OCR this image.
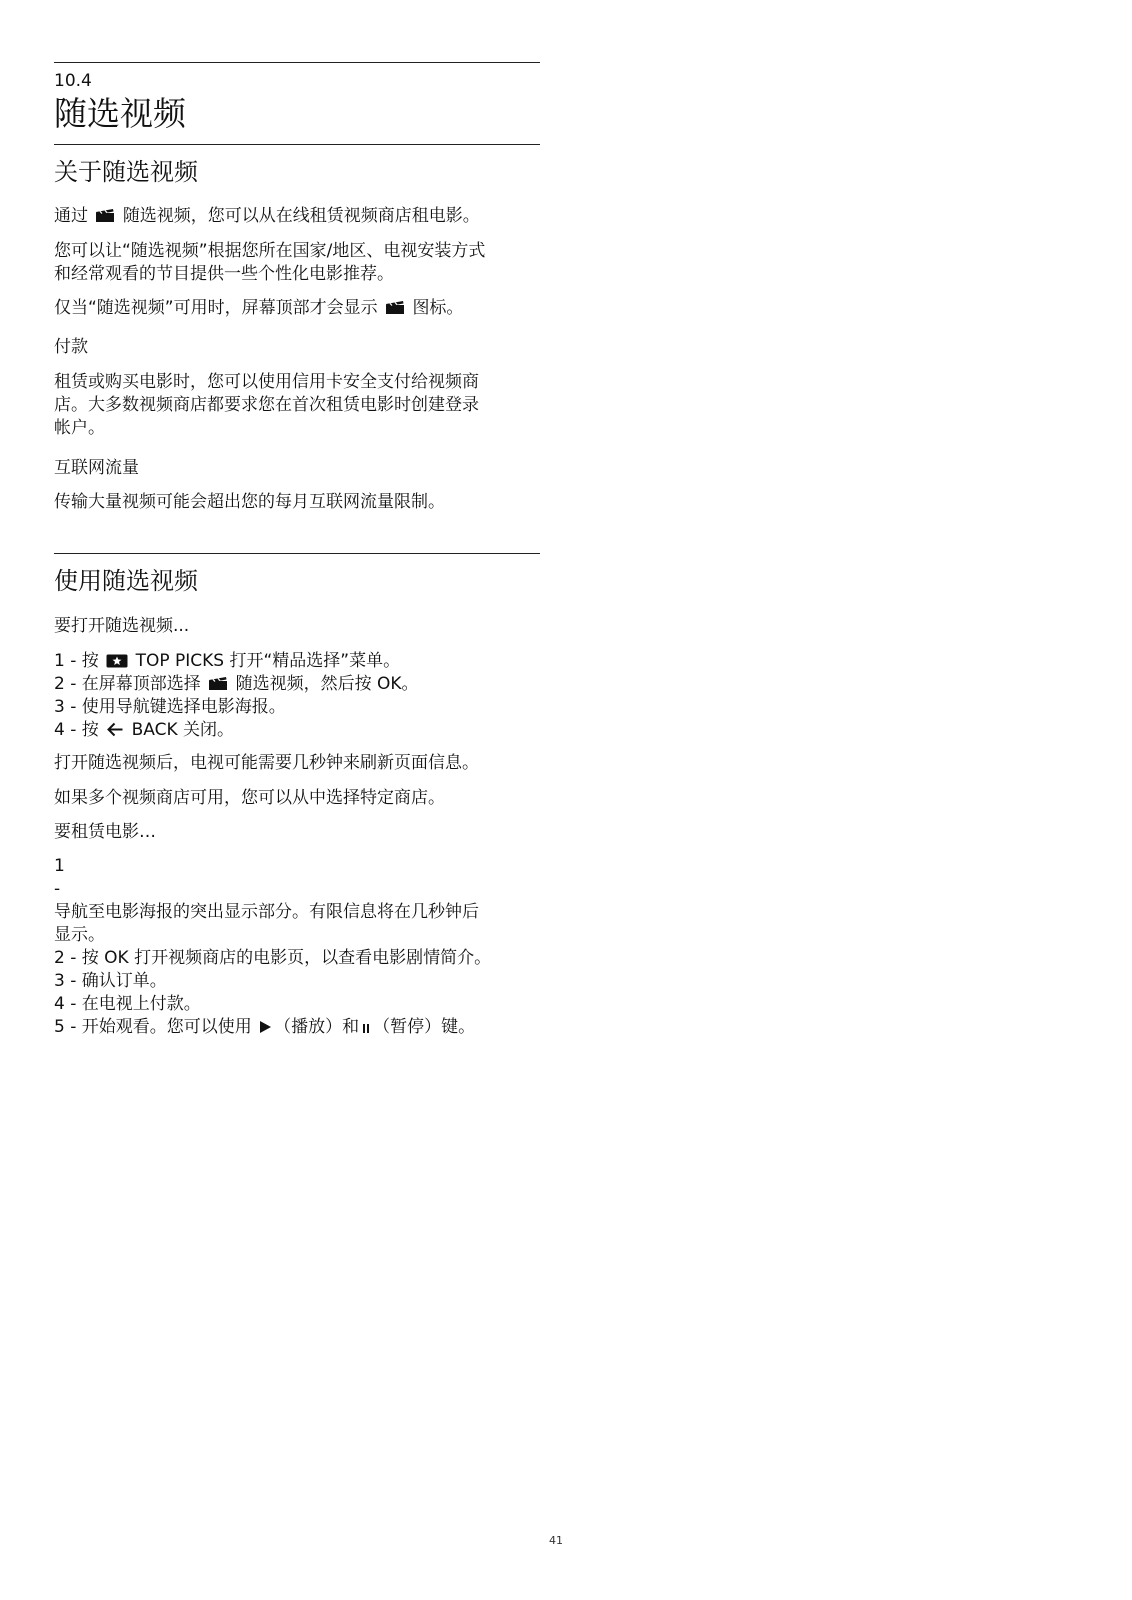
10.4
随选视频
关于随选视频
通过 随选视频，您可以从在线租赁视频商店租电影。
您可以让“随选视频”根据您所在国家/地区、电视安装方式
和经常观看的节目提供一些个性化电影推荐。
仅当“随选视频”可用时，屏幕顶部才会显示 图标。
付款
租赁或购买电影时，您可以使用信用卡安全支付给视频商
店。大多数视频商店都要求您在首次租赁电影时创建登录
帐户。
互联网流量
传输大量视频可能会超出您的每月互联网流量限制。
使用随选视频
要打开随选视频...
1 - 按 TOP PICKS 打开“精品选择”菜单。
2 - 在屏幕顶部选择 随选视频，然后按 OK。
3 - 使用导航键选择电影海报。
4 - 按 BACK 关闭。
打开随选视频后，电视可能需要几秒钟来刷新页面信息。
如果多个视频商店可用，您可以从中选择特定商店。
要租赁电影…
1
-
导航至电影海报的突出显示部分。有限信息将在几秒钟后
显示。
2 - 按 OK 打开视频商店的电影页，以查看电影剧情简介。
3 - 确认订单。
4 - 在电视上付款。
5 - 开始观看。您可以使用 （播放）和 （暂停）键。
41
